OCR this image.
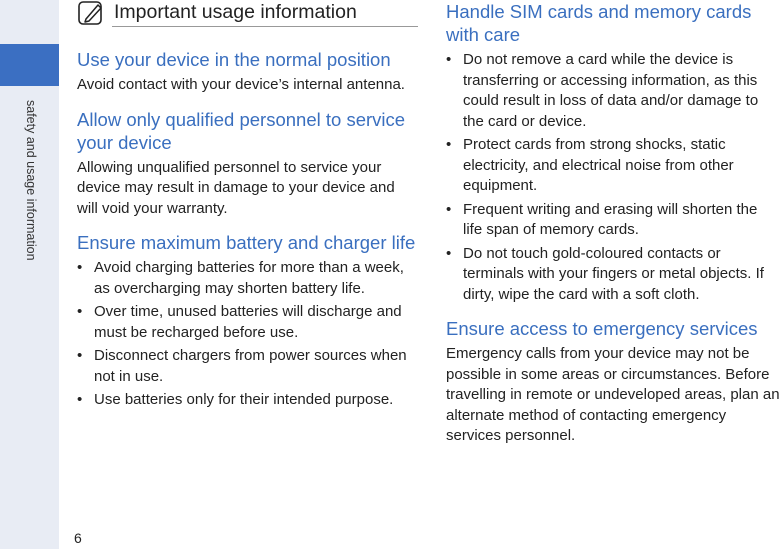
safety and usage information
6
Important usage information
Use your device in the normal position

Avoid contact with your device’s internal antenna.

Allow only qualified personnel to service your device

Allowing unqualified personnel to service your device may result in damage to your device and will void your warranty.

Ensure maximum battery and charger life
• Avoid charging batteries for more than a week, as overcharging may shorten battery life.
• Over time, unused batteries will discharge and must be recharged before use.
• Disconnect chargers from power sources when not in use.
• Use batteries only for their intended purpose.
Handle SIM cards and memory cards with care
• Do not remove a card while the device is transferring or accessing information, as this could result in loss of data and/or damage to the card or device.
• Protect cards from strong shocks, static electricity, and electrical noise from other equipment.
• Frequent writing and erasing will shorten the life span of memory cards.
• Do not touch gold-coloured contacts or terminals with your fingers or metal objects. If dirty, wipe the card with a soft cloth.
Ensure access to emergency services

Emergency calls from your device may not be possible in some areas or circumstances. Before travelling in remote or undeveloped areas, plan an alternate method of contacting emergency services personnel.
